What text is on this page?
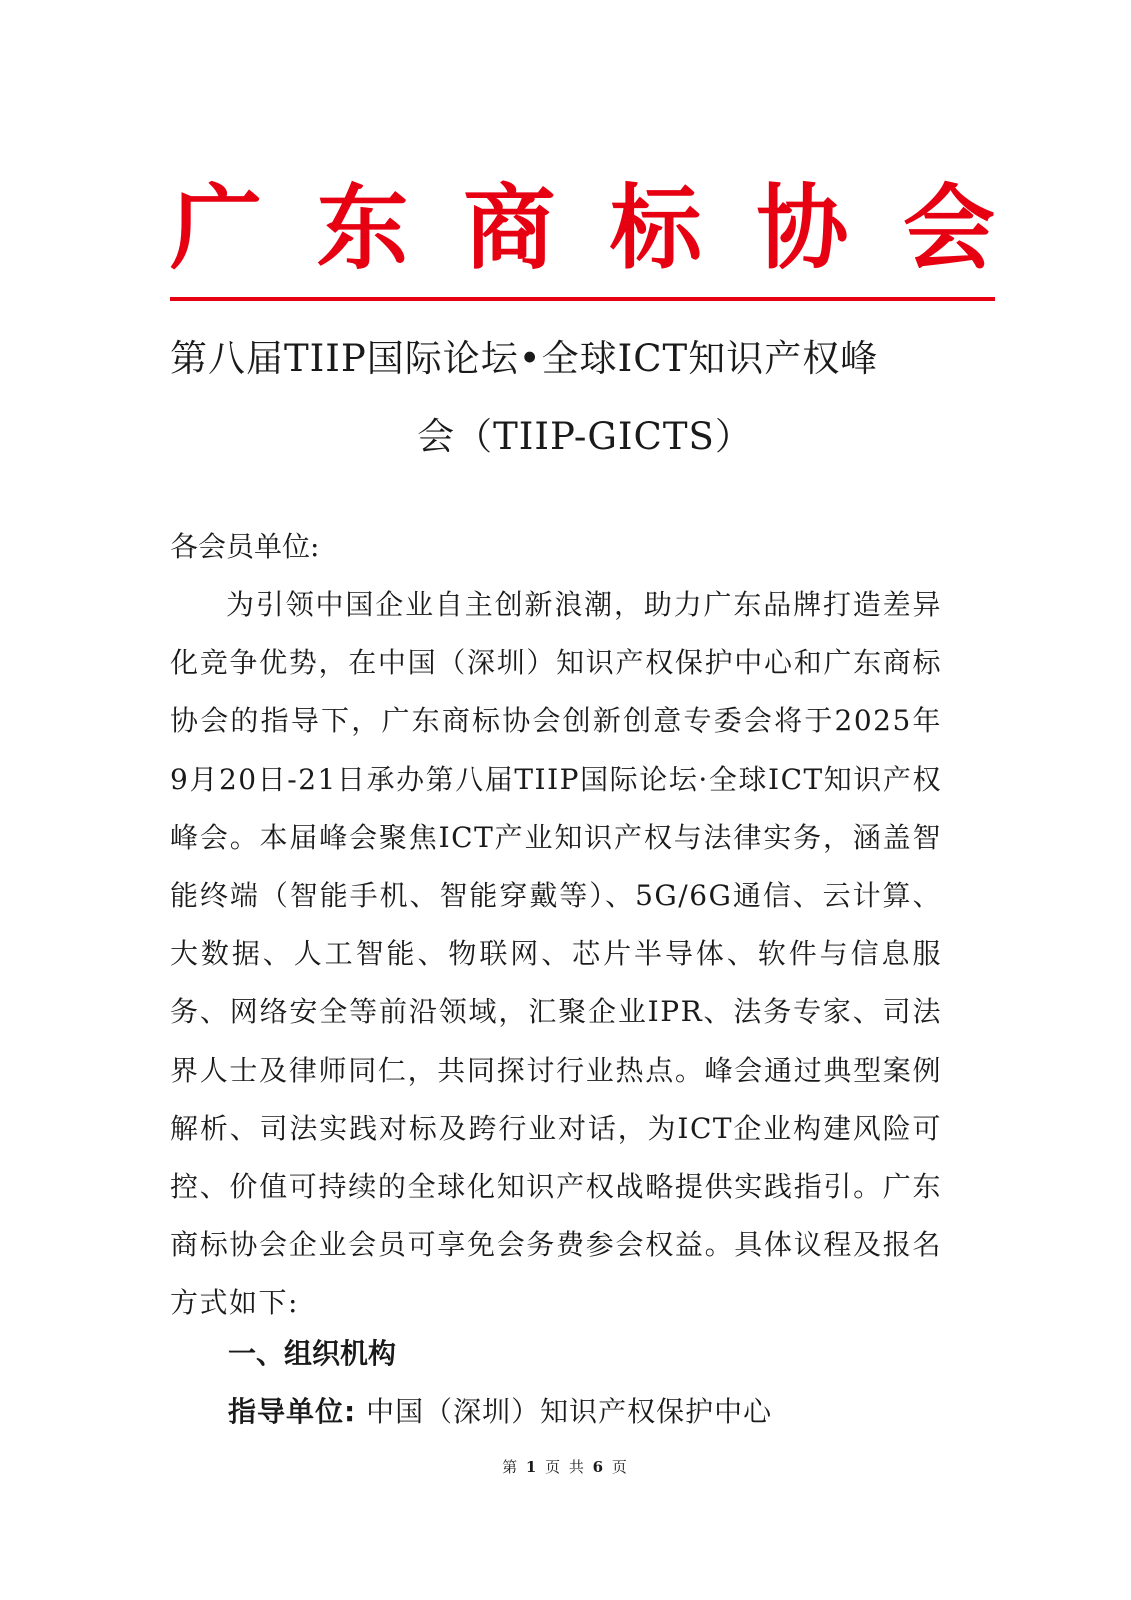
广 东 商 标 协 会
第八届TIIP国际论坛•全球ICT知识产权峰
会（TIIP-GICTS）
各会员单位:

为引领中国企业自主创新浪潮，助力广东品牌打造差异化竞争优势，在中国（深圳）知识产权保护中心和广东商标协会的指导下，广东商标协会创新创意专委会将于2025年9月20日-21日承办第八届TIIP国际论坛·全球ICT知识产权峰会。本届峰会聚焦ICT产业知识产权与法律实务，涵盖智能终端（智能手机、智能穿戴等）、5G/6G通信、云计算、大数据、人工智能、物联网、芯片半导体、软件与信息服务、网络安全等前沿领域，汇聚企业IPR、法务专家、司法界人士及律师同仁，共同探讨行业热点。峰会通过典型案例解析、司法实践对标及跨行业对话，为ICT企业构建风险可控、价值可持续的全球化知识产权战略提供实践指引。广东商标协会企业会员可享免会务费参会权益。具体议程及报名方式如下:

一、组织机构
指导单位: 中国（深圳）知识产权保护中心
第 1 页 共 6 页
